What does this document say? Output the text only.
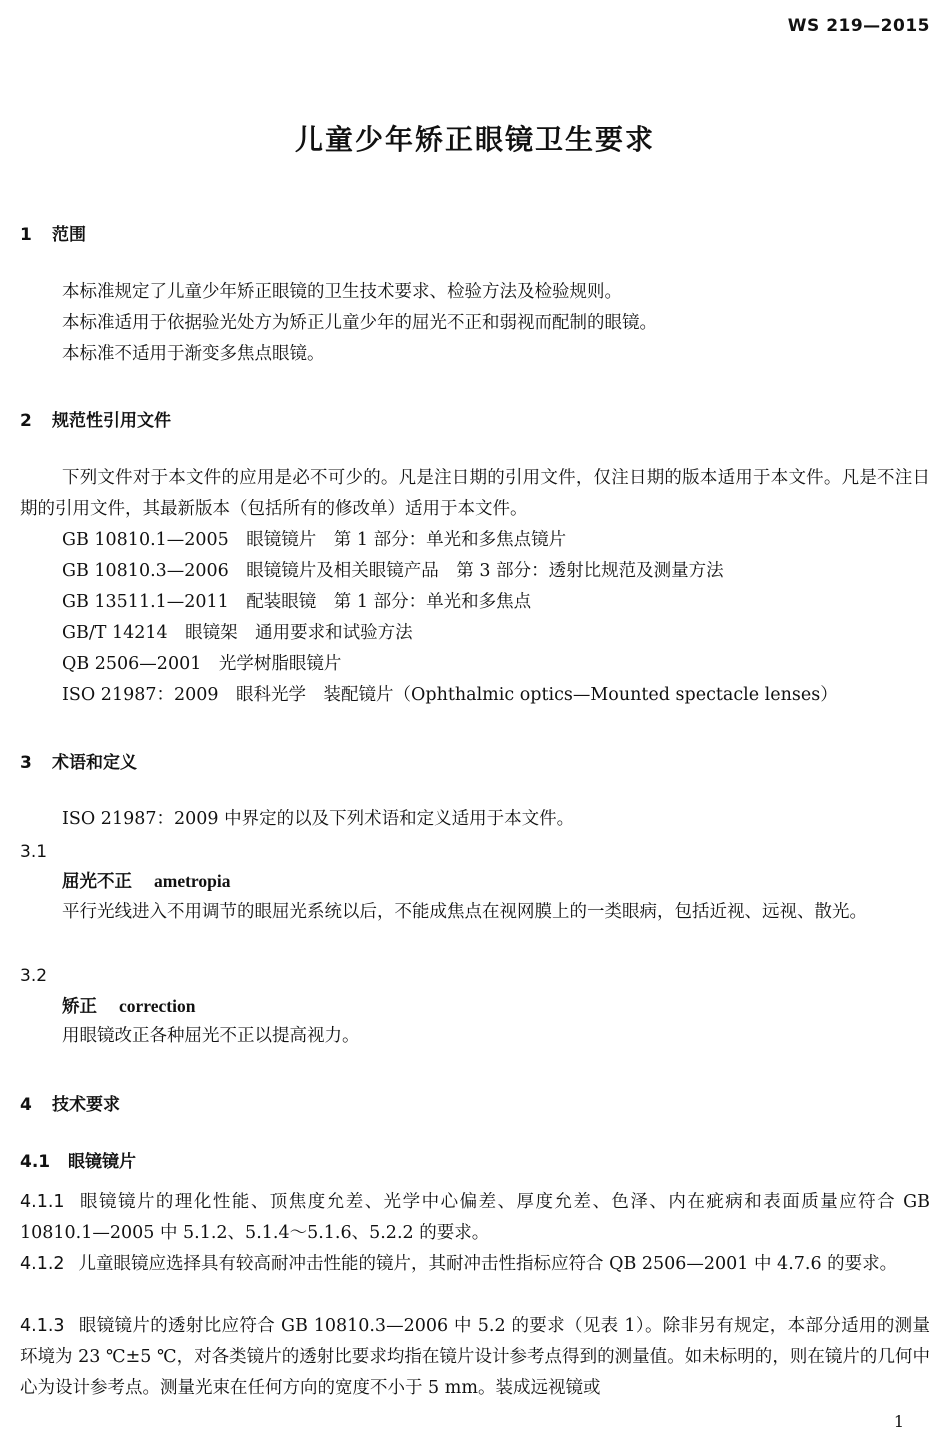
WS 219—2015
儿童少年矫正眼镜卫生要求
1 范围
本标准规定了儿童少年矫正眼镜的卫生技术要求、检验方法及检验规则。
本标准适用于依据验光处方为矫正儿童少年的屈光不正和弱视而配制的眼镜。
本标准不适用于渐变多焦点眼镜。
2 规范性引用文件
下列文件对于本文件的应用是必不可少的。凡是注日期的引用文件，仅注日期的版本适用于本文件。凡是不注日期的引用文件，其最新版本（包括所有的修改单）适用于本文件。
GB 10810.1—2005　眼镜镜片　第 1 部分：单光和多焦点镜片
GB 10810.3—2006　眼镜镜片及相关眼镜产品　第 3 部分：透射比规范及测量方法
GB 13511.1—2011　配装眼镜　第 1 部分：单光和多焦点
GB/T 14214　眼镜架　通用要求和试验方法
QB 2506—2001　光学树脂眼镜片
ISO 21987：2009　眼科光学　装配镜片（Ophthalmic optics—Mounted spectacle lenses）
3 术语和定义
ISO 21987：2009 中界定的以及下列术语和定义适用于本文件。
3.1
屈光不正 ametropia
平行光线进入不用调节的眼屈光系统以后，不能成焦点在视网膜上的一类眼病，包括近视、远视、散光。
3.2
矫正 correction
用眼镜改正各种屈光不正以提高视力。
4 技术要求
4.1 眼镜镜片
4.1.1 眼镜镜片的理化性能、顶焦度允差、光学中心偏差、厚度允差、色泽、内在疵病和表面质量应符合 GB 10810.1—2005 中 5.1.2、5.1.4～5.1.6、5.2.2 的要求。
4.1.2 儿童眼镜应选择具有较高耐冲击性能的镜片，其耐冲击性指标应符合 QB 2506—2001 中 4.7.6 的要求。
4.1.3 眼镜镜片的透射比应符合 GB 10810.3—2006 中 5.2 的要求（见表 1）。除非另有规定，本部分适用的测量环境为 23 ℃±5 ℃，对各类镜片的透射比要求均指在镜片设计参考点得到的测量值。如未标明的，则在镜片的几何中心为设计参考点。测量光束在任何方向的宽度不小于 5 mm。装成远视镜或
1
